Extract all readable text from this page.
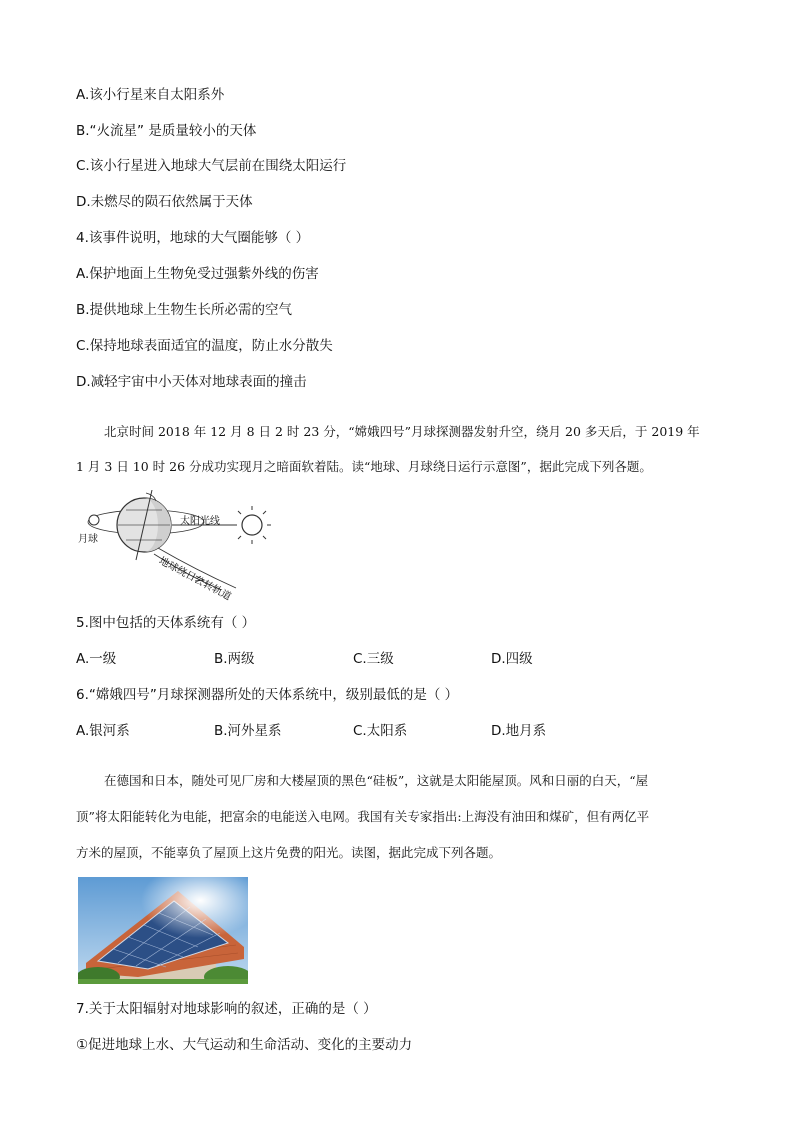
A.该小行星来自太阳系外
B.“火流星” 是质量较小的天体
C.该小行星进入地球大气层前在围绕太阳运行
D.未燃尽的陨石依然属于天体
4.该事件说明，地球的大气圈能够（ ）
A.保护地面上生物免受过强紫外线的伤害
B.提供地球上生物生长所必需的空气
C.保持地球表面适宜的温度，防止水分散失
D.减轻宇宙中小天体对地球表面的撞击
北京时间 2018 年 12 月 8 日 2 时 23 分，“嫦娥四号”月球探测器发射升空，绕月 20 多天后，于 2019 年
1 月 3 日 10 时 26 分成功实现月之暗面软着陆。读“地球、月球绕日运行示意图”，据此完成下列各题。
月球
太阳光线
地球绕日公转轨道
5.图中包括的天体系统有（ ）
A.一级	B.两级	C.三级	D.四级
6.“嫦娥四号”月球探测器所处的天体系统中，级别最低的是（ ）
A.银河系	B.河外星系	C.太阳系	D.地月系
在德国和日本，随处可见厂房和大楼屋顶的黑色“硅板”，这就是太阳能屋顶。风和日丽的白天，“屋
顶”将太阳能转化为电能，把富余的电能送入电网。我国有关专家指出:上海没有油田和煤矿，但有两亿平
方米的屋顶，不能辜负了屋顶上这片免费的阳光。读图，据此完成下列各题。
7.关于太阳辐射对地球影响的叙述，正确的是（ ）
①促进地球上水、大气运动和生命活动、变化的主要动力
